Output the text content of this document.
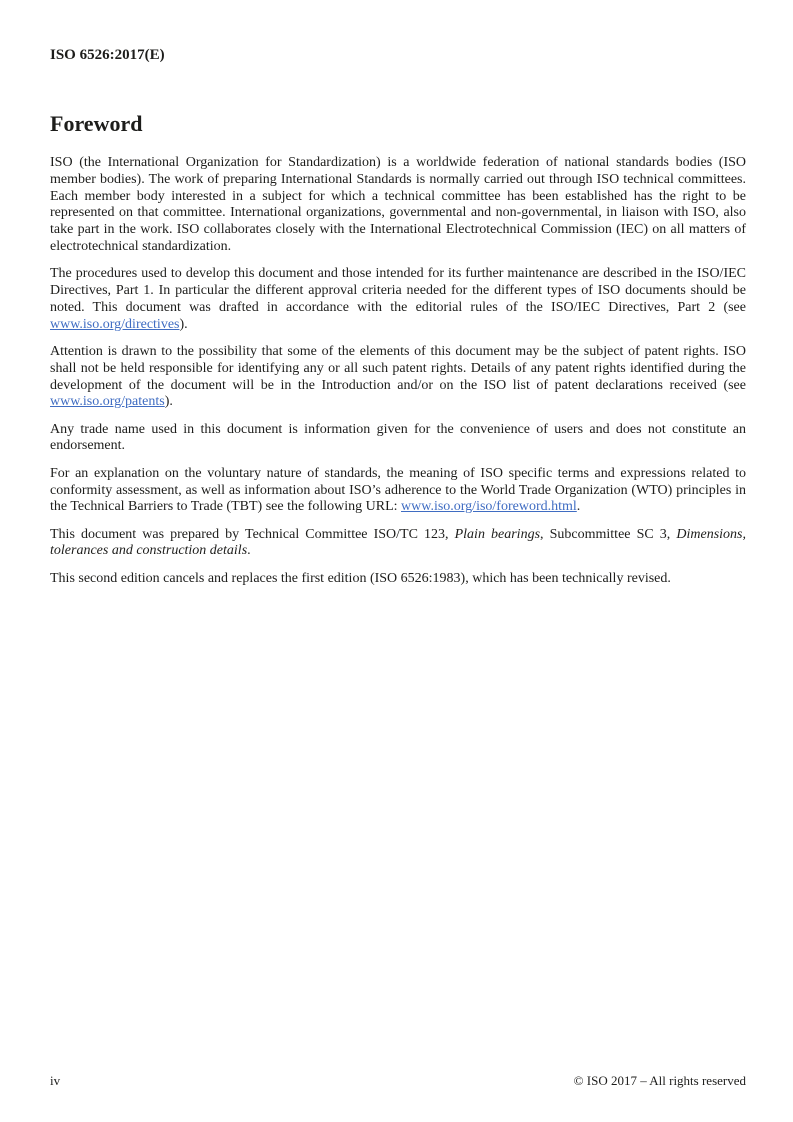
ISO 6526:2017(E)
Foreword

ISO (the International Organization for Standardization) is a worldwide federation of national standards bodies (ISO member bodies). The work of preparing International Standards is normally carried out through ISO technical committees. Each member body interested in a subject for which a technical committee has been established has the right to be represented on that committee. International organizations, governmental and non-governmental, in liaison with ISO, also take part in the work. ISO collaborates closely with the International Electrotechnical Commission (IEC) on all matters of electrotechnical standardization.

The procedures used to develop this document and those intended for its further maintenance are described in the ISO/IEC Directives, Part 1. In particular the different approval criteria needed for the different types of ISO documents should be noted. This document was drafted in accordance with the editorial rules of the ISO/IEC Directives, Part 2 (see www.iso.org/directives).

Attention is drawn to the possibility that some of the elements of this document may be the subject of patent rights. ISO shall not be held responsible for identifying any or all such patent rights. Details of any patent rights identified during the development of the document will be in the Introduction and/or on the ISO list of patent declarations received (see www.iso.org/patents).

Any trade name used in this document is information given for the convenience of users and does not constitute an endorsement.

For an explanation on the voluntary nature of standards, the meaning of ISO specific terms and expressions related to conformity assessment, as well as information about ISO’s adherence to the World Trade Organization (WTO) principles in the Technical Barriers to Trade (TBT) see the following URL: www.iso.org/iso/foreword.html.

This document was prepared by Technical Committee ISO/TC 123, Plain bearings, Subcommittee SC 3, Dimensions, tolerances and construction details.

This second edition cancels and replaces the first edition (ISO 6526:1983), which has been technically revised.

iv	© ISO 2017 – All rights reserved
